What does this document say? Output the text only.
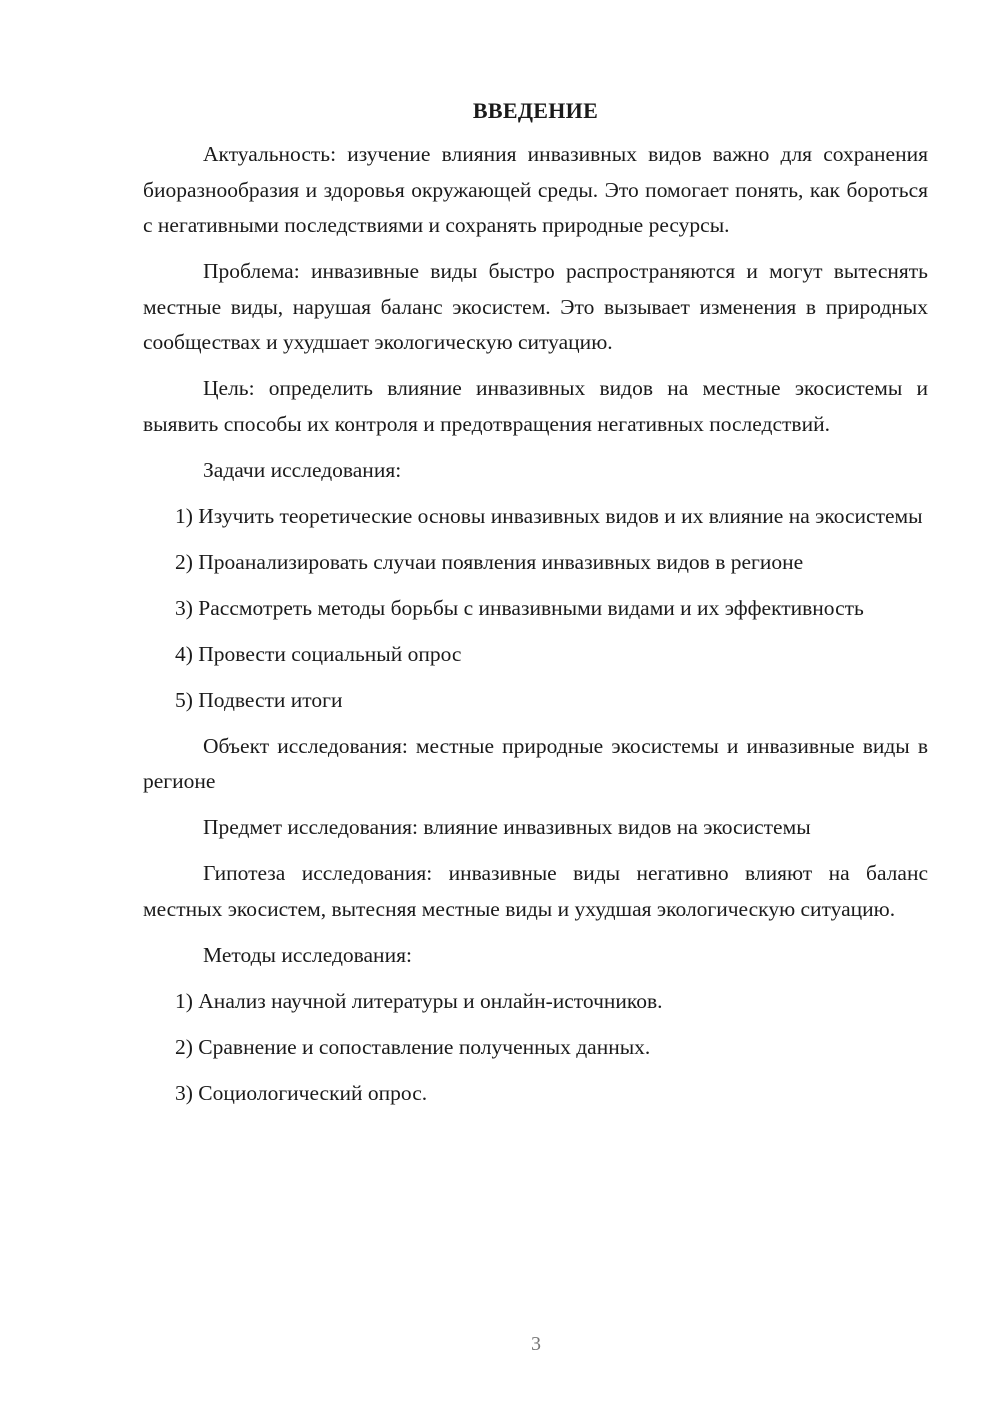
ВВЕДЕНИЕ

Актуальность: изучение влияния инвазивных видов важно для сохранения биоразнообразия и здоровья окружающей среды. Это помогает понять, как бороться с негативными последствиями и сохранять природные ресурсы.

Проблема: инвазивные виды быстро распространяются и могут вытеснять местные виды, нарушая баланс экосистем. Это вызывает изменения в природных сообществах и ухудшает экологическую ситуацию.

Цель: определить влияние инвазивных видов на местные экосистемы и выявить способы их контроля и предотвращения негативных последствий.

Задачи исследования:

1) Изучить теоретические основы инвазивных видов и их влияние на экосистемы

2) Проанализировать случаи появления инвазивных видов в регионе

3) Рассмотреть методы борьбы с инвазивными видами и их эффективность

4) Провести социальный опрос

5) Подвести итоги

Объект исследования: местные природные экосистемы и инвазивные виды в регионе

Предмет исследования: влияние инвазивных видов на экосистемы

Гипотеза исследования: инвазивные виды негативно влияют на баланс местных экосистем, вытесняя местные виды и ухудшая экологическую ситуацию.

Методы исследования:

1) Анализ научной литературы и онлайн-источников.

2) Сравнение и сопоставление полученных данных.

3) Социологический опрос.

3
